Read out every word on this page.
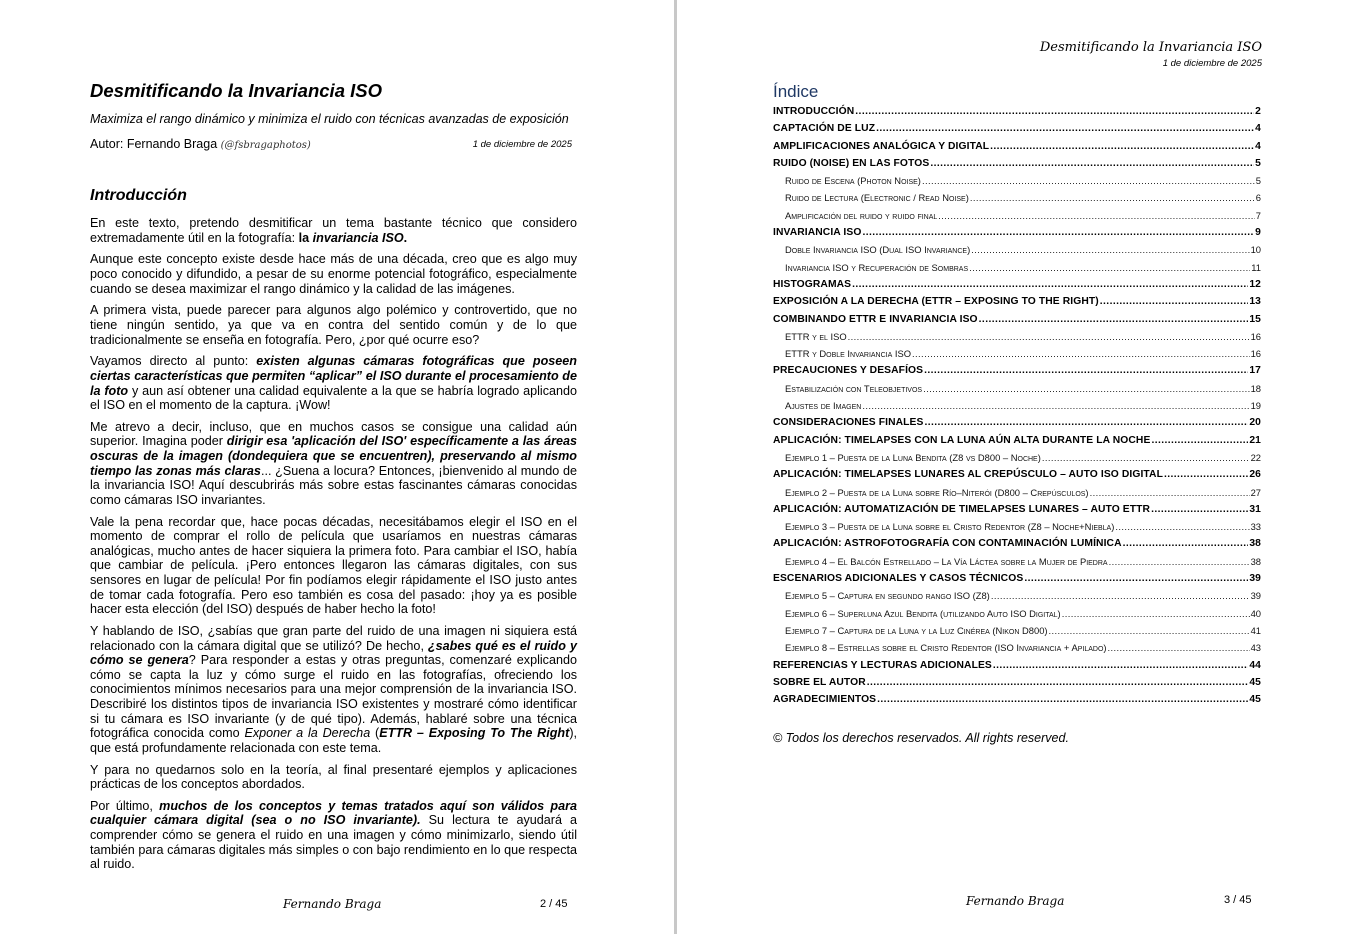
Desmitificando la Invariancia ISO
Maximiza el rango dinámico y minimiza el ruido con técnicas avanzadas de exposición
Autor: Fernando Braga (@fsbragaphotos)	1 de diciembre de 2025
Introducción

En este texto, pretendo desmitificar un tema bastante técnico que considero extremadamente útil en la fotografía: la invariancia ISO.

Aunque este concepto existe desde hace más de una década, creo que es algo muy poco conocido y difundido, a pesar de su enorme potencial fotográfico, especialmente cuando se desea maximizar el rango dinámico y la calidad de las imágenes.

A primera vista, puede parecer para algunos algo polémico y controvertido, que no tiene ningún sentido, ya que va en contra del sentido común y de lo que tradicionalmente se enseña en fotografía. Pero, ¿por qué ocurre eso?

Vayamos directo al punto: existen algunas cámaras fotográficas que poseen ciertas características que permiten “aplicar” el ISO durante el procesamiento de la foto y aun así obtener una calidad equivalente a la que se habría logrado aplicando el ISO en el momento de la captura. ¡Wow!

Me atrevo a decir, incluso, que en muchos casos se consigue una calidad aún superior. Imagina poder dirigir esa 'aplicación del ISO' específicamente a las áreas oscuras de la imagen (dondequiera que se encuentren), preservando al mismo tiempo las zonas más claras... ¿Suena a locura? Entonces, ¡bienvenido al mundo de la invariancia ISO! Aquí descubrirás más sobre estas fascinantes cámaras conocidas como cámaras ISO invariantes.

Vale la pena recordar que, hace pocas décadas, necesitábamos elegir el ISO en el momento de comprar el rollo de película que usaríamos en nuestras cámaras analógicas, mucho antes de hacer siquiera la primera foto. Para cambiar el ISO, había que cambiar de película. ¡Pero entonces llegaron las cámaras digitales, con sus sensores en lugar de película! Por fin podíamos elegir rápidamente el ISO justo antes de tomar cada fotografía. Pero eso también es cosa del pasado: ¡hoy ya es posible hacer esta elección (del ISO) después de haber hecho la foto!

Y hablando de ISO, ¿sabías que gran parte del ruido de una imagen ni siquiera está relacionado con la cámara digital que se utilizó? De hecho, ¿sabes qué es el ruido y cómo se genera? Para responder a estas y otras preguntas, comenzaré explicando cómo se capta la luz y cómo surge el ruido en las fotografías, ofreciendo los conocimientos mínimos necesarios para una mejor comprensión de la invariancia ISO. Describiré los distintos tipos de invariancia ISO existentes y mostraré cómo identificar si tu cámara es ISO invariante (y de qué tipo). Además, hablaré sobre una técnica fotográfica conocida como Exponer a la Derecha (ETTR – Exposing To The Right), que está profundamente relacionada con este tema.

Y para no quedarnos solo en la teoría, al final presentaré ejemplos y aplicaciones prácticas de los conceptos abordados.

Por último, muchos de los conceptos y temas tratados aquí son válidos para cualquier cámara digital (sea o no ISO invariante). Su lectura te ayudará a comprender cómo se genera el ruido en una imagen y cómo minimizarlo, siendo útil también para cámaras digitales más simples o con bajo rendimiento en lo que respecta al ruido.

Fernando Braga	2 / 45
Desmitificando la Invariancia ISO
1 de diciembre de 2025
Índice
INTRODUCCIÓN .....	2
CAPTACIÓN DE LUZ .....	4
AMPLIFICACIONES ANALÓGICA Y DIGITAL .....	4
RUIDO (NOISE) EN LAS FOTOS .....	5
Ruido de Escena (Photon Noise) .....	5
Ruido de Lectura (Electronic / Read Noise) .....	6
Amplificación del ruido y ruido final .....	7
INVARIANCIA ISO .....	9
Doble Invariancia ISO (Dual ISO Invariance) .....	10
Invariancia ISO y Recuperación de Sombras .....	11
HISTOGRAMAS .....	12
EXPOSICIÓN A LA DERECHA (ETTR – EXPOSING TO THE RIGHT) .....	13
COMBINANDO ETTR E INVARIANCIA ISO .....	15
ETTR y el ISO .....	16
ETTR y Doble Invariancia ISO .....	16
PRECAUCIONES Y DESAFÍOS .....	17
Estabilización con Teleobjetivos .....	18
Ajustes de Imagen .....	19
CONSIDERACIONES FINALES .....	20
APLICACIÓN: TIMELAPSES CON LA LUNA AÚN ALTA DURANTE LA NOCHE .....	21
Ejemplo 1 – Puesta de la Luna Bendita (Z8 vs D800 – Noche) .....	22
APLICACIÓN: TIMELAPSES LUNARES AL CREPÚSCULO – AUTO ISO DIGITAL .....	26
Ejemplo 2 – Puesta de la Luna sobre Río–Niterói (D800 – Crepúsculos) .....	27
APLICACIÓN: AUTOMATIZACIÓN DE TIMELAPSES LUNARES – AUTO ETTR .....	31
Ejemplo 3 – Puesta de la Luna sobre el Cristo Redentor (Z8 – Noche+Niebla) .....	33
APLICACIÓN: ASTROFOTOGRAFÍA CON CONTAMINACIÓN LUMÍNICA .....	38
Ejemplo 4 – El Balcón Estrellado – La Vía Láctea sobre la Mujer de Piedra .....	38
ESCENARIOS ADICIONALES Y CASOS TÉCNICOS .....	39
Ejemplo 5 – Captura en segundo rango ISO (Z8) .....	39
Ejemplo 6 – Superluna Azul Bendita (utilizando Auto ISO Digital) .....	40
Ejemplo 7 – Captura de la Luna y la Luz Cinérea (Nikon D800) .....	41
Ejemplo 8 – Estrellas sobre el Cristo Redentor (ISO Invariancia + Apilado) .....	43
REFERENCIAS Y LECTURAS ADICIONALES .....	44
SOBRE EL AUTOR .....	45
AGRADECIMIENTOS .....	45
© Todos los derechos reservados. All rights reserved.
Fernando Braga	3 / 45
